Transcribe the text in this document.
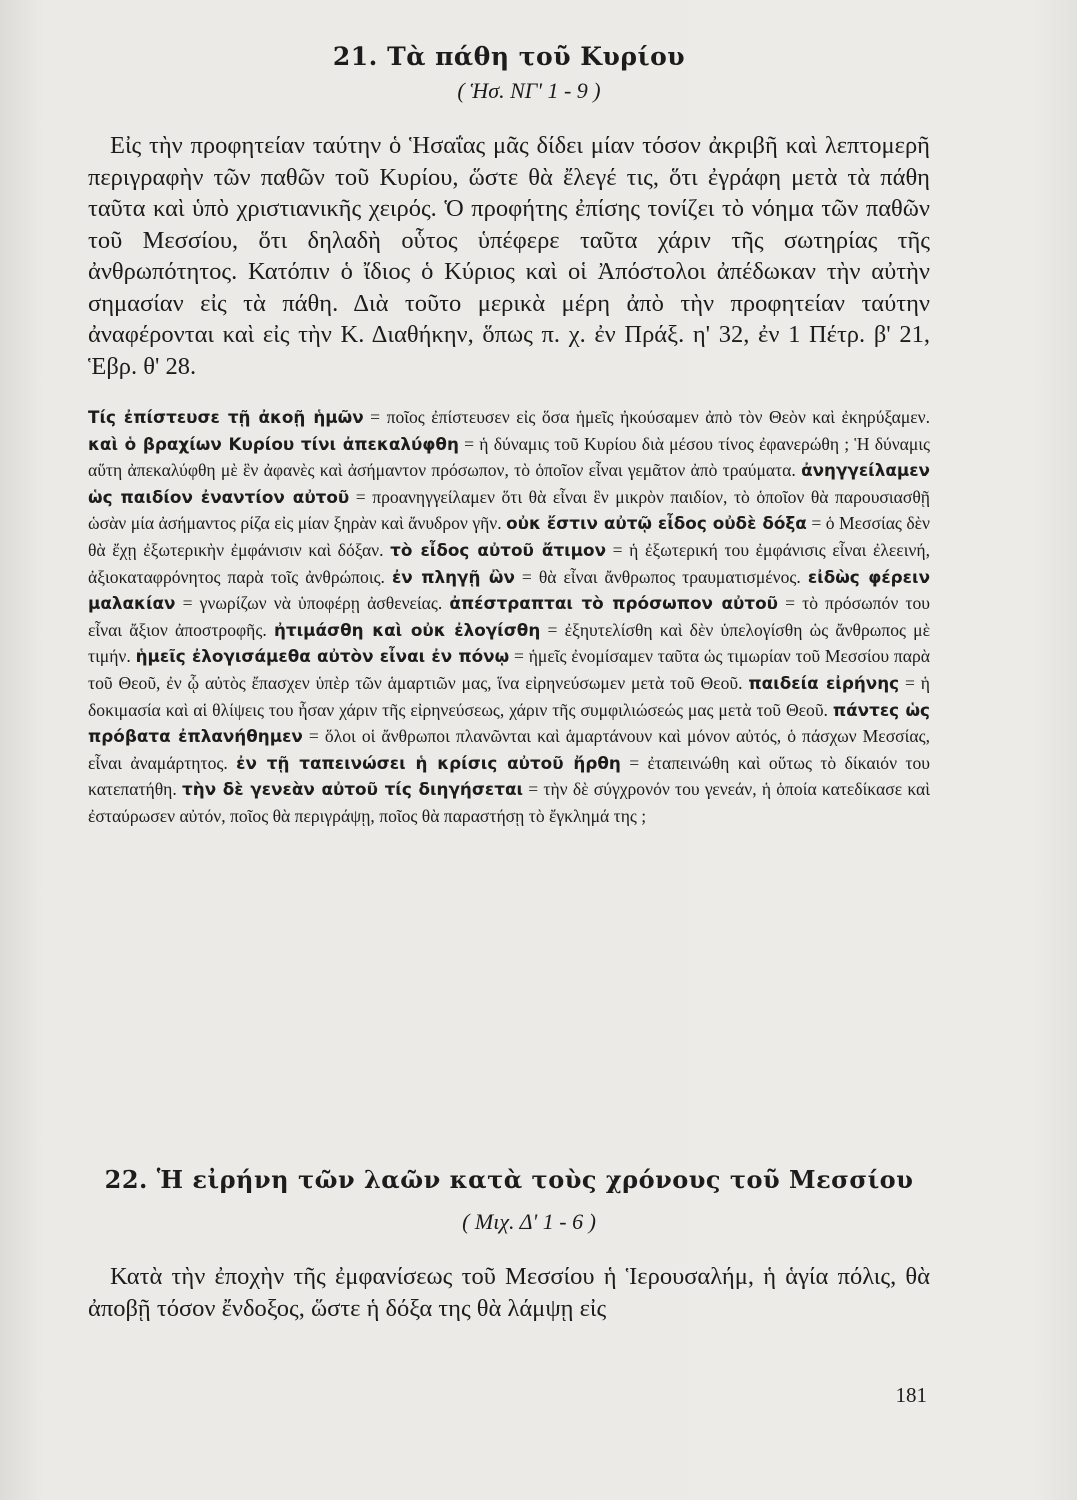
21. Τὰ πάθη τοῦ Κυρίου

( Ἡσ. ΝΓ' 1 - 9 )

Εἰς τὴν προφητείαν ταύτην ὁ Ἡσαΐας μᾶς δίδει μίαν τόσον ἀκριβῆ καὶ λεπτομερῆ περιγραφὴν τῶν παθῶν τοῦ Κυρίου, ὥστε θὰ ἔλεγέ τις, ὅτι ἐγράφη μετὰ τὰ πάθη ταῦτα καὶ ὑπὸ χριστιανικῆς χειρός. Ὁ προφήτης ἐπίσης τονίζει τὸ νόημα τῶν παθῶν τοῦ Μεσσίου, ὅτι δηλαδὴ οὗτος ὑπέφερε ταῦτα χάριν τῆς σωτηρίας τῆς ἀνθρωπότητος. Κατόπιν ὁ ἴδιος ὁ Κύριος καὶ οἱ Ἀπόστολοι ἀπέδωκαν τὴν αὐτὴν σημασίαν εἰς τὰ πάθη. Διὰ τοῦτο μερικὰ μέρη ἀπὸ τὴν προφητείαν ταύτην ἀναφέρονται καὶ εἰς τὴν Κ. Διαθήκην, ὅπως π. χ. ἐν Πράξ. η' 32, ἐν 1 Πέτρ. β' 21, Ἑβρ. θ' 28.

Τίς ἐπίστευσε τῇ ἀκοῇ ἡμῶν = ποῖος ἐπίστευσεν εἰς ὅσα ἡμεῖς ἠκούσαμεν ἀπὸ τὸν Θεὸν καὶ ἐκηρύξαμεν. καὶ ὁ βραχίων Κυρίου τίνι ἀπεκαλύφθη = ἡ δύναμις τοῦ Κυρίου διὰ μέσου τίνος ἐφανερώθη ; Ἡ δύναμις αὕτη ἀπεκαλύφθη μὲ ἓν ἀφανὲς καὶ ἀσήμαντον πρόσωπον, τὸ ὁποῖον εἶναι γεμᾶτον ἀπὸ τραύματα. ἀνηγγείλαμεν ὡς παιδίον ἐναντίον αὐτοῦ = προανηγγείλαμεν ὅτι θὰ εἶναι ἓν μικρὸν παιδίον, τὸ ὁποῖον θὰ παρουσιασθῇ ὡσὰν μία ἀσήμαντος ρίζα εἰς μίαν ξηρὰν καὶ ἄνυδρον γῆν. οὐκ ἔστιν αὐτῷ εἶδος οὐδὲ δόξα = ὁ Μεσσίας δὲν θὰ ἔχῃ ἐξωτερικὴν ἐμφάνισιν καὶ δόξαν. τὸ εἶδος αὐτοῦ ἄτιμον = ἡ ἐξωτερική του ἐμφάνισις εἶναι ἐλεεινή, ἀξιοκαταφρόνητος παρὰ τοῖς ἀνθρώποις. ἐν πληγῇ ὢν = θὰ εἶναι ἄνθρωπος τραυματισμένος. εἰδὼς φέρειν μαλακίαν = γνωρίζων νὰ ὑποφέρῃ ἀσθενείας. ἀπέστραπται τὸ πρόσωπον αὐτοῦ = τὸ πρόσωπόν του εἶναι ἄξιον ἀποστροφῆς. ἠτιμάσθη καὶ οὐκ ἐλογίσθη = ἐξηυτελίσθη καὶ δὲν ὑπελογίσθη ὡς ἄνθρωπος μὲ τιμήν. ἡμεῖς ἐλογισάμεθα αὐτὸν εἶναι ἐν πόνῳ = ἡμεῖς ἐνομίσαμεν ταῦτα ὡς τιμωρίαν τοῦ Μεσσίου παρὰ τοῦ Θεοῦ, ἐν ᾧ αὐτὸς ἔπασχεν ὑπὲρ τῶν ἁμαρτιῶν μας, ἵνα εἰρηνεύσωμεν μετὰ τοῦ Θεοῦ. παιδεία εἰρήνης = ἡ δοκιμασία καὶ αἱ θλίψεις του ἦσαν χάριν τῆς εἰρηνεύσεως, χάριν τῆς συμφιλιώσεώς μας μετὰ τοῦ Θεοῦ. πάντες ὡς πρόβατα ἐπλανήθημεν = ὅλοι οἱ ἄνθρωποι πλανῶνται καὶ ἁμαρτάνουν καὶ μόνον αὐτός, ὁ πάσχων Μεσσίας, εἶναι ἀναμάρτητος. ἐν τῇ ταπεινώσει ἡ κρίσις αὐτοῦ ἤρθη = ἐταπεινώθη καὶ οὕτως τὸ δίκαιόν του κατεπατήθη. τὴν δὲ γενεὰν αὐτοῦ τίς διηγήσεται = τὴν δὲ σύγχρονόν του γενεάν, ἡ ὁποία κατεδίκασε καὶ ἐσταύρωσεν αὐτόν, ποῖος θὰ περιγράψῃ, ποῖος θὰ παραστήσῃ τὸ ἔγκλημά της ;
22. Ἡ εἰρήνη τῶν λαῶν κατὰ τοὺς χρόνους τοῦ Μεσσίου

( Μιχ. Δ' 1 - 6 )

Κατὰ τὴν ἐποχὴν τῆς ἐμφανίσεως τοῦ Μεσσίου ἡ Ἱερουσαλήμ, ἡ ἁγία πόλις, θὰ ἀποβῇ τόσον ἔνδοξος, ὥστε ἡ δόξα της θὰ λάμψῃ εἰς

181
